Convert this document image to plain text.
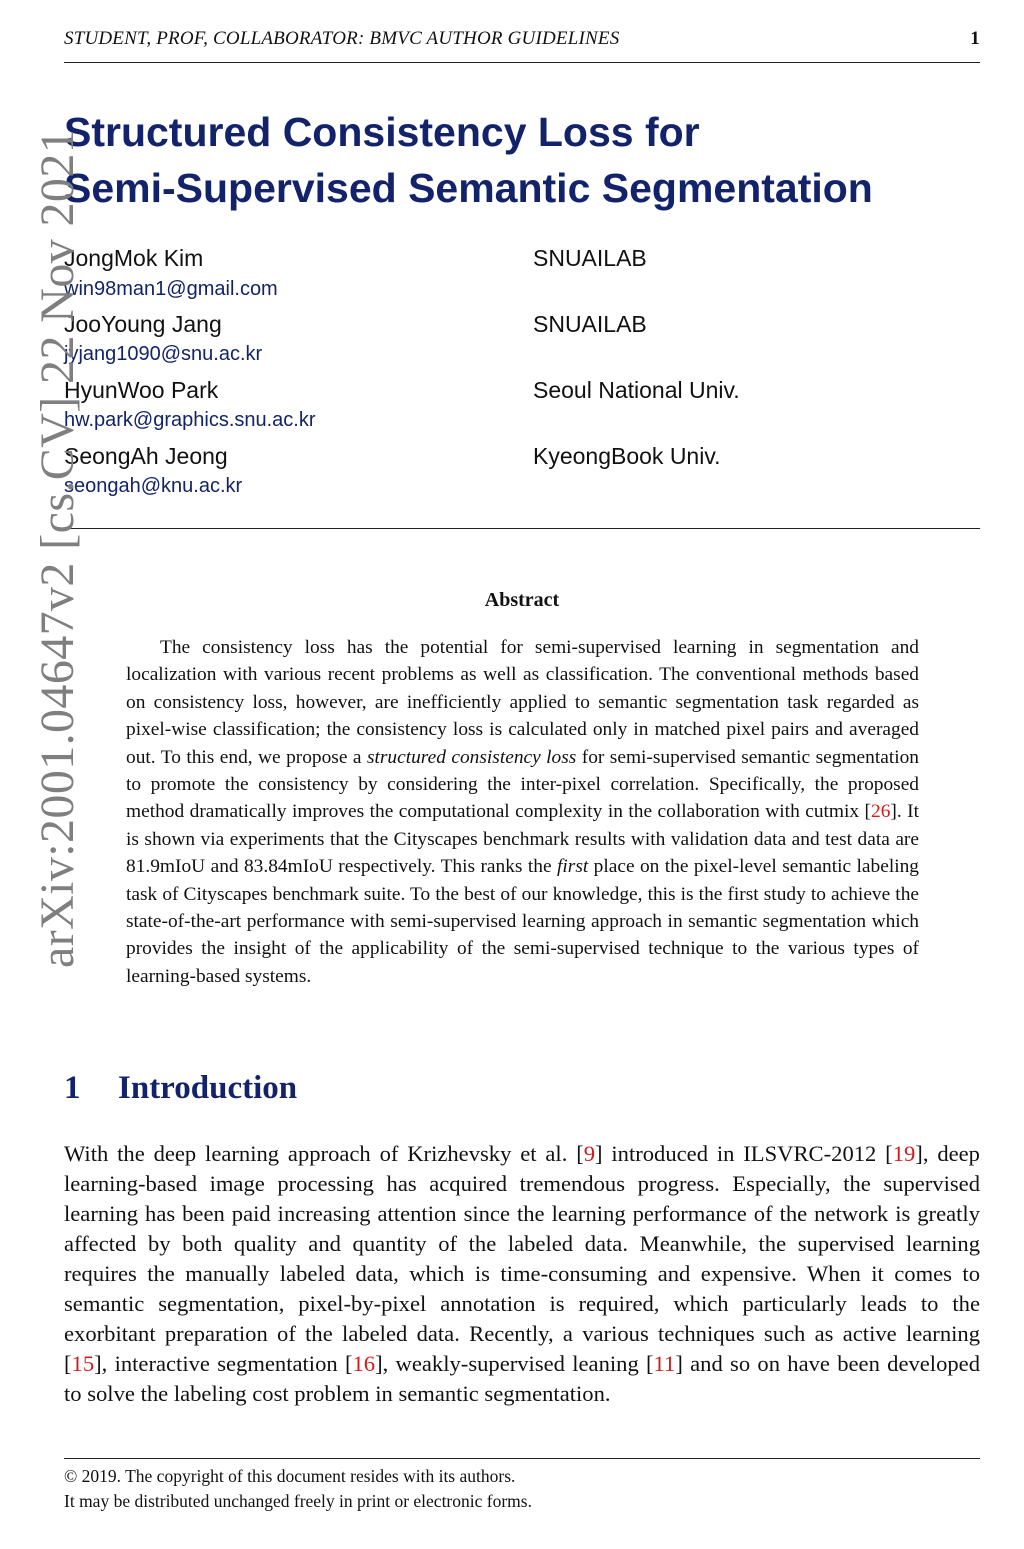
STUDENT, PROF, COLLABORATOR: BMVC AUTHOR GUIDELINES	1
Structured Consistency Loss for
Semi-Supervised Semantic Segmentation
JongMok Kim	SNUAILAB
win98man1@gmail.com
JooYoung Jang	SNUAILAB
jyjang1090@snu.ac.kr
HyunWoo Park	Seoul National Univ.
hw.park@graphics.snu.ac.kr
SeongAh Jeong	KyeongBook Univ.
seongah@knu.ac.kr
Abstract

The consistency loss has the potential for semi-supervised learning in segmentation and localization with various recent problems as well as classification. The conventional methods based on consistency loss, however, are inefficiently applied to semantic segmentation task regarded as pixel-wise classification; the consistency loss is calculated only in matched pixel pairs and averaged out. To this end, we propose a structured consistency loss for semi-supervised semantic segmentation to promote the consistency by considering the inter-pixel correlation. Specifically, the proposed method dramatically improves the computational complexity in the collaboration with cutmix [26]. It is shown via experiments that the Cityscapes benchmark results with validation data and test data are 81.9mIoU and 83.84mIoU respectively. This ranks the first place on the pixel-level semantic labeling task of Cityscapes benchmark suite. To the best of our knowledge, this is the first study to achieve the state-of-the-art performance with semi-supervised learning approach in semantic segmentation which provides the insight of the applicability of the semi-supervised technique to the various types of learning-based systems.

1 Introduction

With the deep learning approach of Krizhevsky et al. [9] introduced in ILSVRC-2012 [19], deep learning-based image processing has acquired tremendous progress. Especially, the supervised learning has been paid increasing attention since the learning performance of the network is greatly affected by both quality and quantity of the labeled data. Meanwhile, the supervised learning requires the manually labeled data, which is time-consuming and expensive. When it comes to semantic segmentation, pixel-by-pixel annotation is required, which particularly leads to the exorbitant preparation of the labeled data. Recently, a various techniques such as active learning [15], interactive segmentation [16], weakly-supervised leaning [11] and so on have been developed to solve the labeling cost problem in semantic segmentation.

© 2019. The copyright of this document resides with its authors.
It may be distributed unchanged freely in print or electronic forms.
arXiv:2001.04647v2 [cs.CV] 22 Nov 2021
